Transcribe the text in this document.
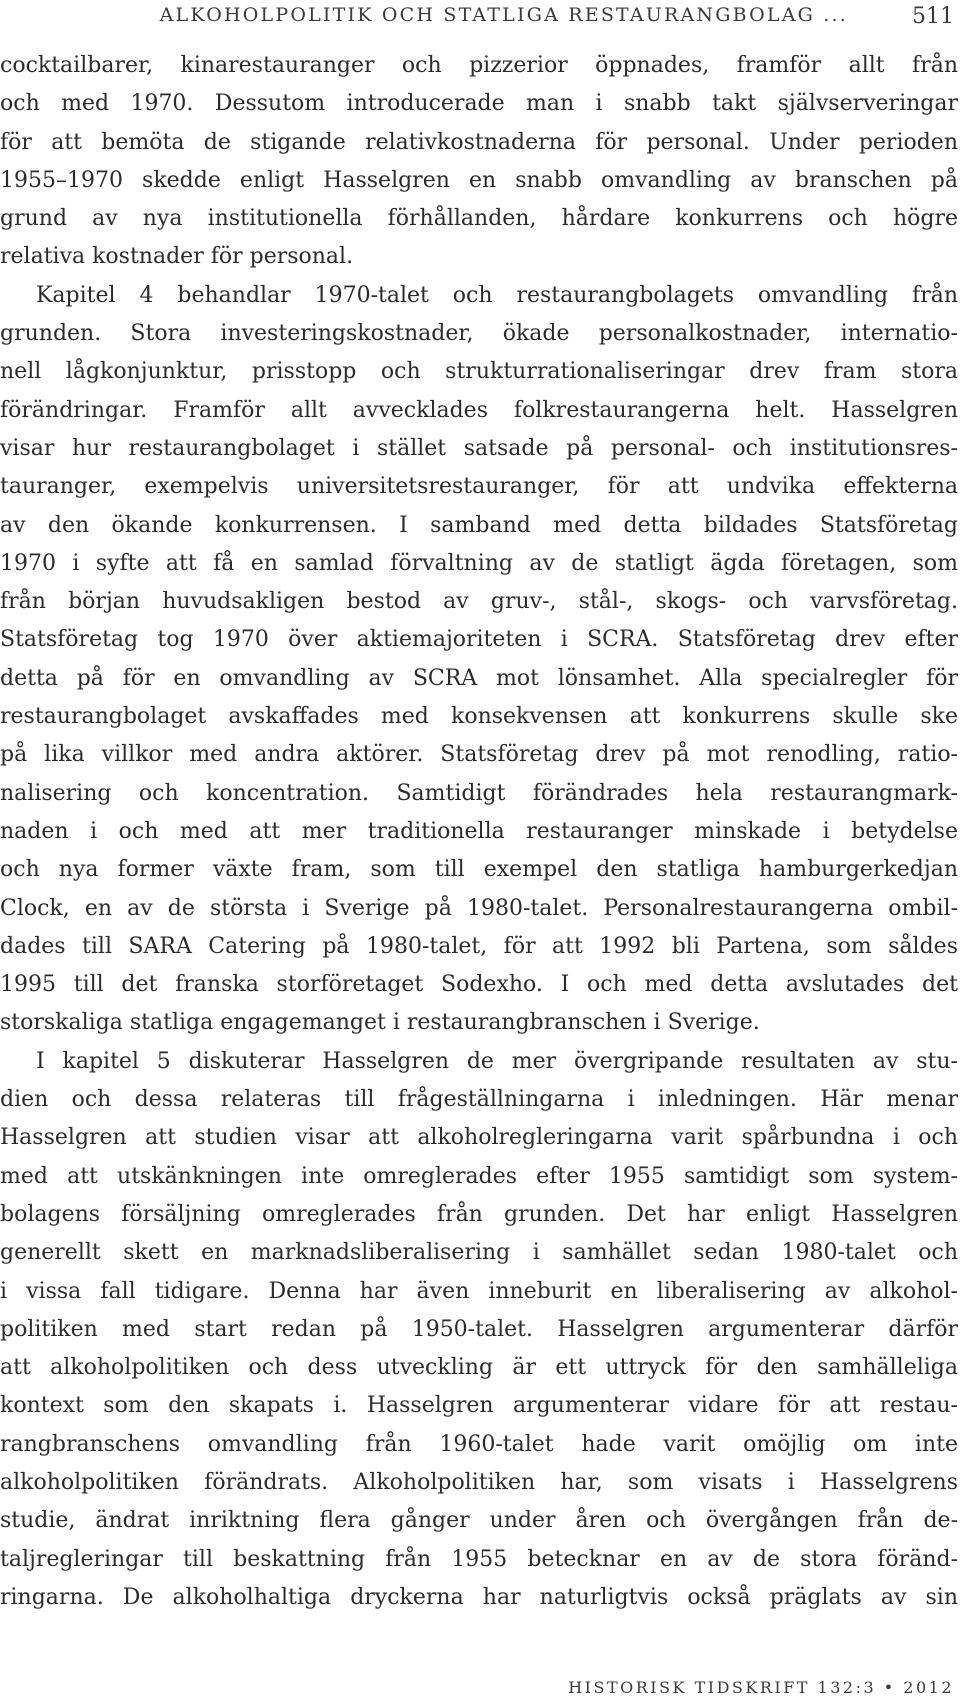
ALKOHOLPOLITIK OCH STATLIGA RESTAURANGBOLAG ...	511
cocktailbarer, kinarestauranger och pizzerior öppnades, framför allt från
och med 1970. Dessutom introducerade man i snabb takt självserveringar
för att bemöta de stigande relativkostnaderna för personal. Under perioden
1955–1970 skedde enligt Hasselgren en snabb omvandling av branschen på
grund av nya institutionella förhållanden, hårdare konkurrens och högre
relativa kostnader för personal.
Kapitel 4 behandlar 1970-talet och restaurangbolagets omvandling från
grunden. Stora investeringskostnader, ökade personalkostnader, internatio-
nell lågkonjunktur, prisstopp och strukturrationaliseringar drev fram stora
förändringar. Framför allt avvecklades folkrestaurangerna helt. Hasselgren
visar hur restaurangbolaget i stället satsade på personal- och institutionsres-
tauranger, exempelvis universitetsrestauranger, för att undvika effekterna
av den ökande konkurrensen. I samband med detta bildades Statsföretag
1970 i syfte att få en samlad förvaltning av de statligt ägda företagen, som
från början huvudsakligen bestod av gruv-, stål-, skogs- och varvsföretag.
Statsföretag tog 1970 över aktiemajoriteten i SCRA. Statsföretag drev efter
detta på för en omvandling av SCRA mot lönsamhet. Alla specialregler för
restaurangbolaget avskaffades med konsekvensen att konkurrens skulle ske
på lika villkor med andra aktörer. Statsföretag drev på mot renodling, ratio-
nalisering och koncentration. Samtidigt förändrades hela restaurangmark-
naden i och med att mer traditionella restauranger minskade i betydelse
och nya former växte fram, som till exempel den statliga hamburgerkedjan
Clock, en av de största i Sverige på 1980-talet. Personalrestaurangerna ombil-
dades till SARA Catering på 1980-talet, för att 1992 bli Partena, som såldes
1995 till det franska storföretaget Sodexho. I och med detta avslutades det
storskaliga statliga engagemanget i restaurangbranschen i Sverige.
I kapitel 5 diskuterar Hasselgren de mer övergripande resultaten av stu-
dien och dessa relateras till frågeställningarna i inledningen. Här menar
Hasselgren att studien visar att alkoholregleringarna varit spårbundna i och
med att utskänkningen inte omreglerades efter 1955 samtidigt som system-
bolagens försäljning omreglerades från grunden. Det har enligt Hasselgren
generellt skett en marknadsliberalisering i samhället sedan 1980-talet och
i vissa fall tidigare. Denna har även inneburit en liberalisering av alkohol-
politiken med start redan på 1950-talet. Hasselgren argumenterar därför
att alkoholpolitiken och dess utveckling är ett uttryck för den samhälleliga
kontext som den skapats i. Hasselgren argumenterar vidare för att restau-
rangbranschens omvandling från 1960-talet hade varit omöjlig om inte
alkoholpolitiken förändrats. Alkoholpolitiken har, som visats i Hasselgrens
studie, ändrat inriktning flera gånger under åren och övergången från de-
taljregleringar till beskattning från 1955 betecknar en av de stora föränd-
ringarna. De alkoholhaltiga dryckerna har naturligtvis också präglats av sin
HISTORISK TIDSKRIFT 132:3 • 2012
